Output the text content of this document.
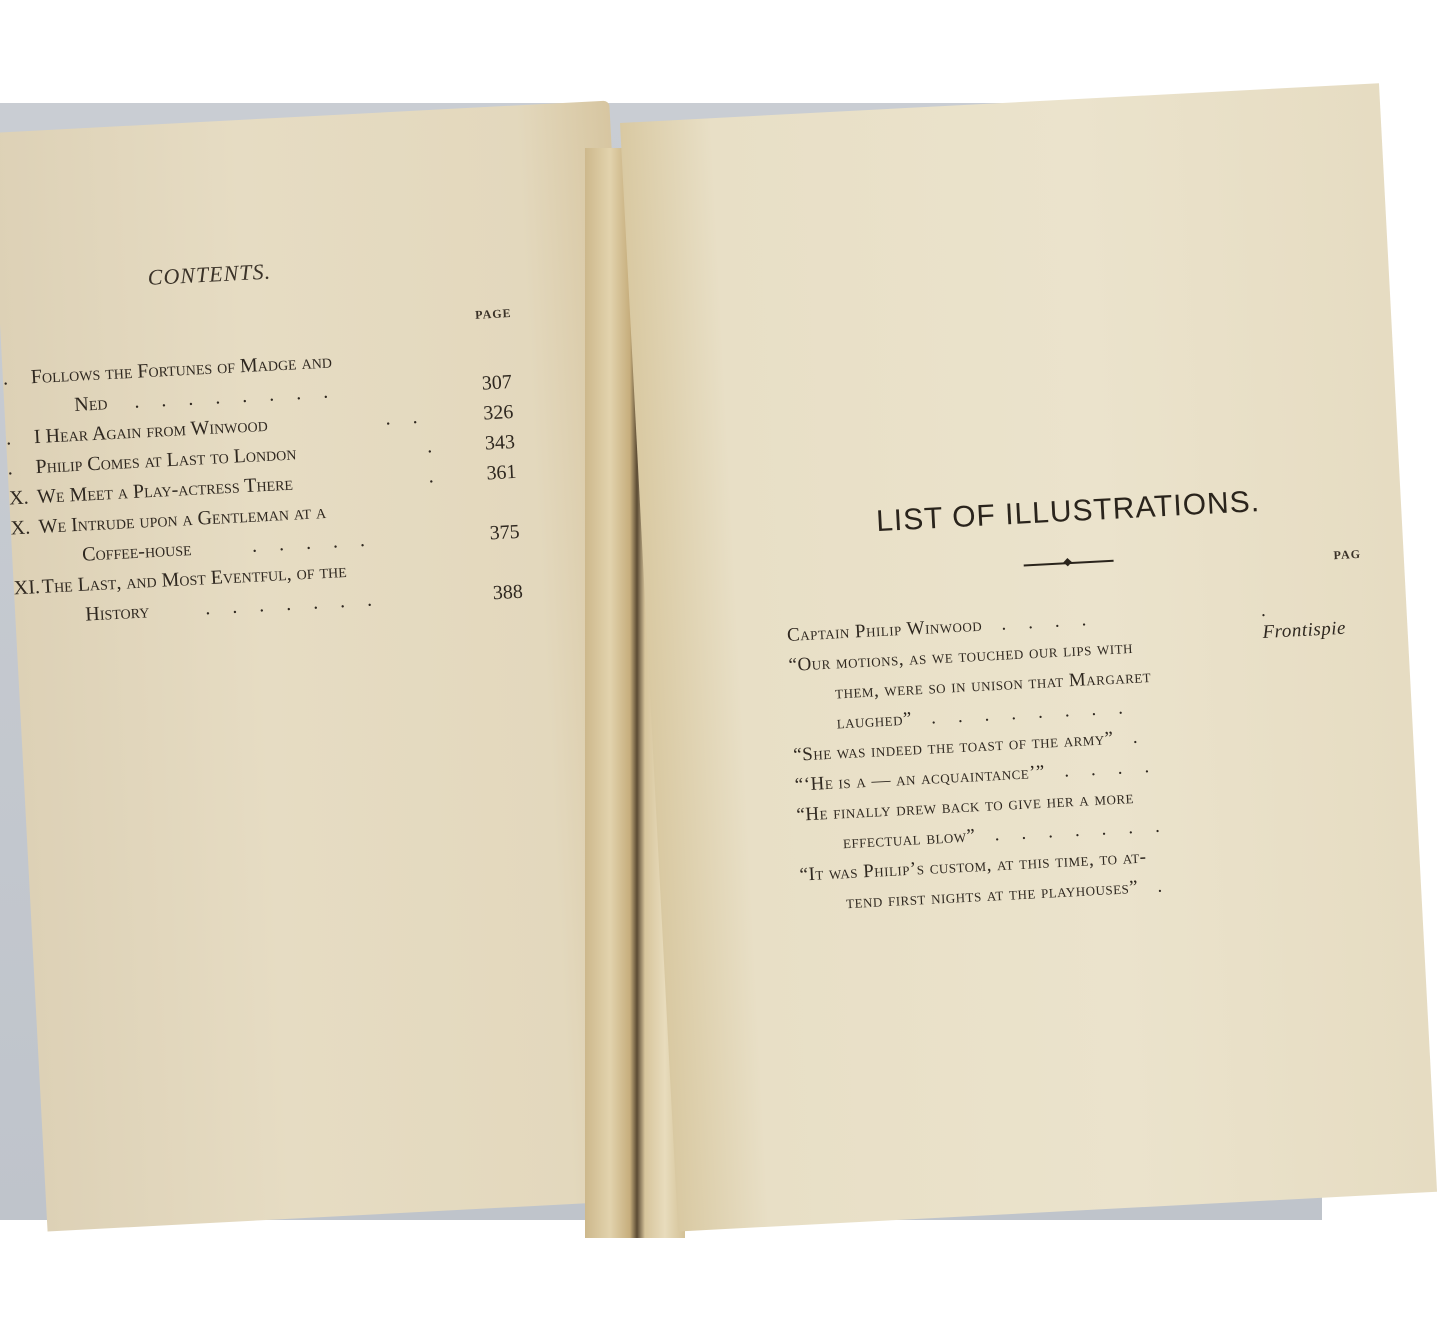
CONTENTS.
PAGE
. Follows the Fortunes of Madge and
Ned ........	307
. I Hear Again from Winwood	.. 326
. Philip Comes at Last to London	. 343
X. We Meet a Play-actress There	. 361
X. We Intrude upon a Gentleman at a
Coffee-house	.....	375
XI. The Last, and Most Eventful, of the
History	.......	388
LIST OF ILLUSTRATIONS.
PAG
Captain Philip Winwood ....	. Frontispie
“Our motions, as we touched our lips with
them, were so in unison that Margaret
laughed” ........
“She was indeed the toast of the army” .
“‘He is a — an acquaintance’” ....
“He finally drew back to give her a more
effectual blow” .......
“It was Philip’s custom, at this time, to at-
tend first nights at the playhouses” .
